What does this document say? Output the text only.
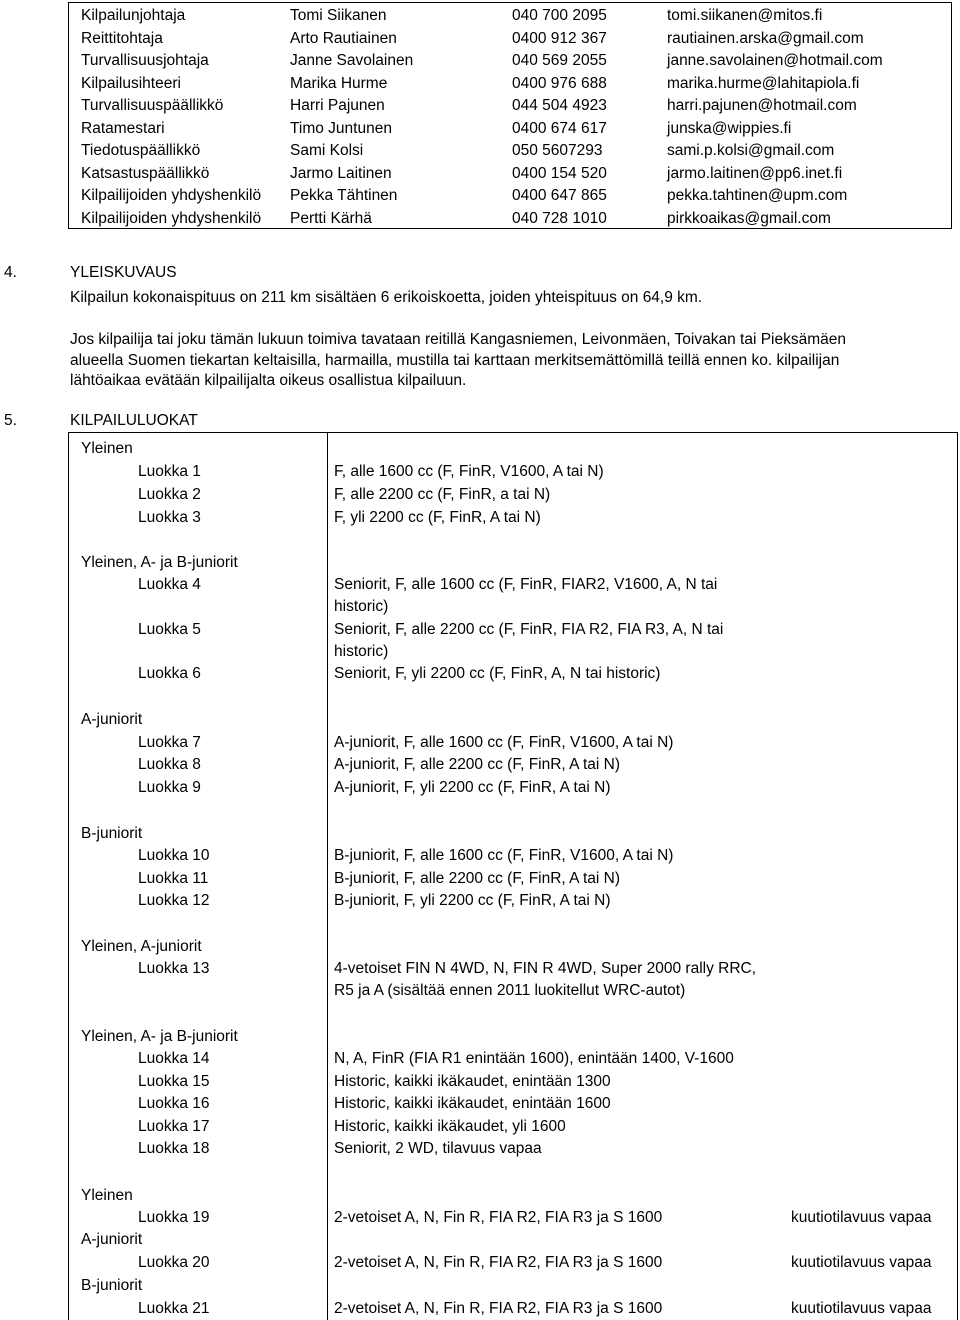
Kilpailunjohtaja	Tomi Siikanen	040 700 2095	tomi.siikanen@mitos.fi
Reittitohtaja	Arto Rautiainen	0400 912 367	rautiainen.arska@gmail.com
Turvallisuusjohtaja	Janne Savolainen	040 569 2055	janne.savolainen@hotmail.com
Kilpailusihteeri	Marika Hurme	0400 976 688	marika.hurme@lahitapiola.fi
Turvallisuuspäällikkö	Harri Pajunen	044 504 4923	harri.pajunen@hotmail.com
Ratamestari	Timo Juntunen	0400 674 617	junska@wippies.fi
Tiedotuspäällikkö	Sami Kolsi	050 5607293	sami.p.kolsi@gmail.com
Katsastuspäällikkö	Jarmo Laitinen	0400 154 520	jarmo.laitinen@pp6.inet.fi
Kilpailijoiden yhdyshenkilö Pekka Tähtinen	0400 647 865	pekka.tahtinen@upm.com
Kilpailijoiden yhdyshenkilö Pertti Kärhä	040 728 1010	pirkkoaikas@gmail.com
4.	YLEISKUVAUS
Kilpailun kokonaispituus on 211 km sisältäen 6 erikoiskoetta, joiden yhteispituus on 64,9 km.
Jos kilpailija tai joku tämän lukuun toimiva tavataan reitillä Kangasniemen, Leivonmäen, Toivakan tai Pieksämäen alueella Suomen tiekartan keltaisilla, harmailla, mustilla tai karttaan merkitsemättömillä teillä ennen ko. kilpailijan lähtöaikaa evätään kilpailijalta oikeus osallistua kilpailuun.
5.	KILPAILULUOKAT
Yleinen
Luokka 1	F, alle 1600 cc (F, FinR, V1600, A tai N)
Luokka 2	F, alle 2200 cc (F, FinR, a tai N)
Luokka 3	F, yli 2200 cc (F, FinR, A tai N)
Yleinen, A- ja B-juniorit
Luokka 4	Seniorit, F, alle 1600 cc (F, FinR, FIAR2, V1600, A, N tai
historic)
Luokka 5	Seniorit, F, alle 2200 cc (F, FinR, FIA R2, FIA R3, A, N tai
historic)
Luokka 6	Seniorit, F, yli 2200 cc (F, FinR, A, N tai historic)
A-juniorit
Luokka 7	A-juniorit, F, alle 1600 cc (F, FinR, V1600, A tai N)
Luokka 8	A-juniorit, F, alle 2200 cc (F, FinR, A tai N)
Luokka 9	A-juniorit, F, yli 2200 cc (F, FinR, A tai N)
B-juniorit
Luokka 10	B-juniorit, F, alle 1600 cc (F, FinR, V1600, A tai N)
Luokka 11	B-juniorit, F, alle 2200 cc (F, FinR, A tai N)
Luokka 12	B-juniorit, F, yli 2200 cc (F, FinR, A tai N)
Yleinen, A-juniorit
Luokka 13	4-vetoiset FIN N 4WD, N, FIN R 4WD, Super 2000 rally RRC,
R5 ja A (sisältää ennen 2011 luokitellut WRC-autot)
Yleinen, A- ja B-juniorit
Luokka 14	N, A, FinR (FIA R1 enintään 1600), enintään 1400, V-1600
Luokka 15	Historic, kaikki ikäkaudet, enintään 1300
Luokka 16	Historic, kaikki ikäkaudet, enintään 1600
Luokka 17	Historic, kaikki ikäkaudet, yli 1600
Luokka 18	Seniorit, 2 WD, tilavuus vapaa
Yleinen
Luokka 19	2-vetoiset A, N, Fin R, FIA R2, FIA R3 ja S 1600	kuutiotilavuus vapaa
A-juniorit
Luokka 20	2-vetoiset A, N, Fin R, FIA R2, FIA R3 ja S 1600	kuutiotilavuus vapaa
B-juniorit
Luokka 21	2-vetoiset A, N, Fin R, FIA R2, FIA R3 ja S 1600	kuutiotilavuus vapaa
